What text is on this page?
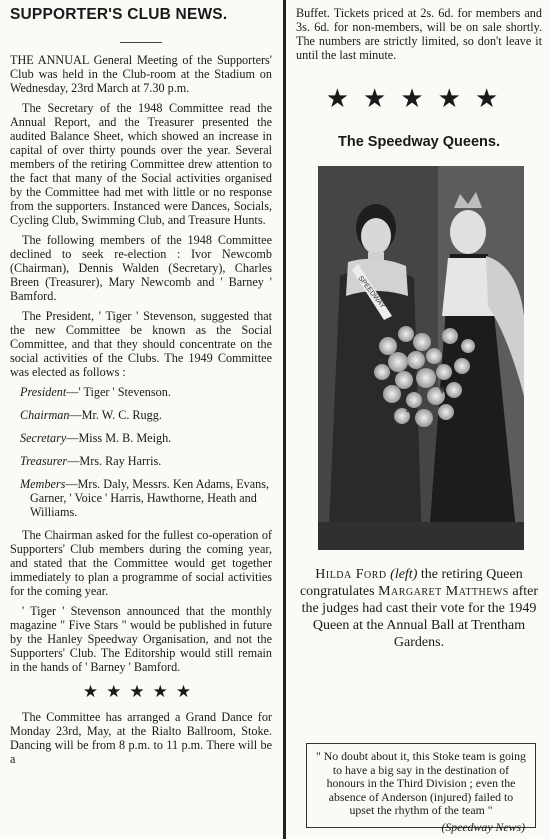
SUPPORTER'S CLUB NEWS.

THE ANNUAL General Meeting of the Supporters' Club was held in the Club-room at the Stadium on Wednesday, 23rd March at 7.30 p.m.

The Secretary of the 1948 Committee read the Annual Report, and the Treasurer presented the audited Balance Sheet, which showed an increase in capital of over thirty pounds over the year. Several members of the retiring Committee drew attention to the fact that many of the Social activities organised by the Committee had met with little or no response from the supporters. Instanced were Dances, Socials, Cycling Club, Swimming Club, and Treasure Hunts.

The following members of the 1948 Committee declined to seek re-election : Ivor Newcomb (Chairman), Dennis Walden (Secretary), Charles Breen (Treasurer), Mary Newcomb and ' Barney ' Bamford.

The President, ' Tiger ' Stevenson, suggested that the new Committee be known as the Social Committee, and that they should concentrate on the social activities of the Clubs. The 1949 Committee was elected as follows :

President—' Tiger ' Stevenson.
Chairman—Mr. W. C. Rugg.
Secretary—Miss M. B. Meigh.
Treasurer—Mrs. Ray Harris.
Members—Mrs. Daly, Messrs. Ken Adams, Evans, Garner, ' Voice ' Harris, Hawthorne, Heath and Williams.

The Chairman asked for the fullest co-operation of Supporters' Club members during the coming year, and stated that the Committee would get together immediately to plan a programme of social activities for the coming year.

' Tiger ' Stevenson announced that the monthly magazine " Five Stars " would be published in future by the Hanley Speedway Organisation, and not the Supporters' Club. The Editorship would still remain in the hands of ' Barney ' Bamford.

★★★★★

The Committee has arranged a Grand Dance for Monday 23rd, May, at the Rialto Ballroom, Stoke. Dancing will be from 8 p.m. to 11 p.m. There will be a

Buffet. Tickets priced at 2s. 6d. for members and 3s. 6d. for non-members, will be on sale shortly. The numbers are strictly limited, so don't leave it until the last minute.

★★★★★
The Speedway Queens.
SPEEDWAY
Hilda Ford (left) the retiring Queen congratulates Margaret Matthews after the judges had cast their vote for the 1949 Queen at the Annual Ball at Trentham Gardens.

" No doubt about it, this Stoke team is going to have a big say in the destination of honours in the Third Division ; even the absence of Anderson (injured) failed to upset the rhythm of the team "

(Speedway News)
